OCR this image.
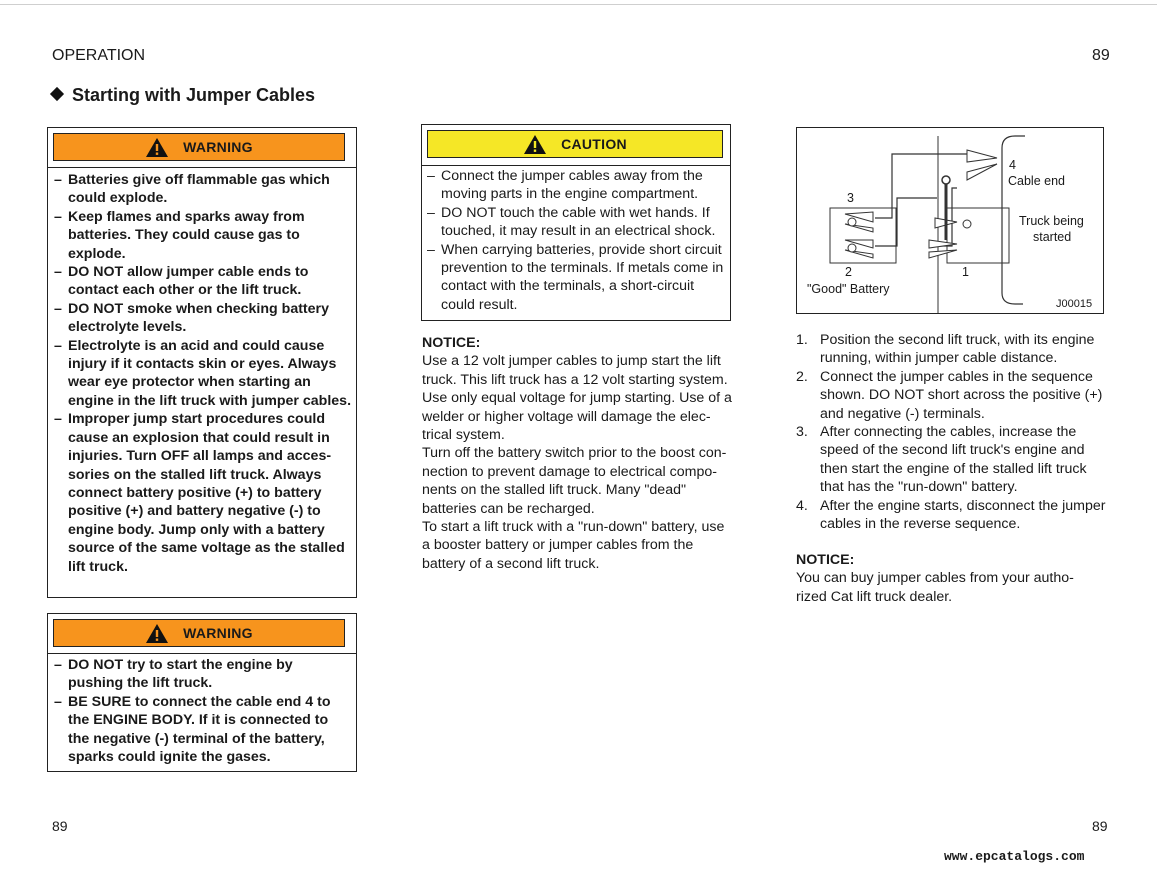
OPERATION	89
Starting with Jumper Cables
WARNING
– Batteries give off flammable gas which could explode.
– Keep flames and sparks away from batteries. They could cause gas to explode.
– DO NOT allow jumper cable ends to contact each other or the lift truck.
– DO NOT smoke when checking battery electrolyte levels.
– Electrolyte is an acid and could cause injury if it contacts skin or eyes. Always wear eye protector when starting an engine in the lift truck with jumper cables.
– Improper jump start procedures could cause an explosion that could result in injuries. Turn OFF all lamps and acces-sories on the stalled lift truck. Always connect battery positive (+) to battery positive (+) and battery negative (-) to engine body. Jump only with a battery source of the same voltage as the stalled lift truck.
WARNING
– DO NOT try to start the engine by pushing the lift truck.
– BE SURE to connect the cable end 4 to the ENGINE BODY. If it is connected to the negative (-) terminal of the battery, sparks could ignite the gases.
CAUTION
– Connect the jumper cables away from the moving parts in the engine compartment.
– DO NOT touch the cable with wet hands. If touched, it may result in an electrical shock.
– When carrying batteries, provide short circuit prevention to the terminals. If metals come in contact with the terminals, a short-circuit could result.
NOTICE:
Use a 12 volt jumper cables to jump start the lift truck. This lift truck has a 12 volt starting system. Use only equal voltage for jump starting. Use of a welder or higher voltage will damage the elec-trical system.
Turn off the battery switch prior to the boost con-nection to prevent damage to electrical compo-nents on the stalled lift truck. Many "dead" batteries can be recharged.
To start a lift truck with a "run-down" battery, use a booster battery or jumper cables from the battery of a second lift truck.
3
4
Cable end
Truck being
started
2	1
"Good" Battery
J00015
1. Position the second lift truck, with its engine running, within jumper cable distance.
2. Connect the jumper cables in the sequence shown. DO NOT short across the positive (+) and negative (-) terminals.
3. After connecting the cables, increase the speed of the second lift truck's engine and then start the engine of the stalled lift truck that has the "run-down" battery.
4. After the engine starts, disconnect the jumper cables in the reverse sequence.
NOTICE:
You can buy jumper cables from your autho-rized Cat lift truck dealer.
89	89
www.epcatalogs.com
